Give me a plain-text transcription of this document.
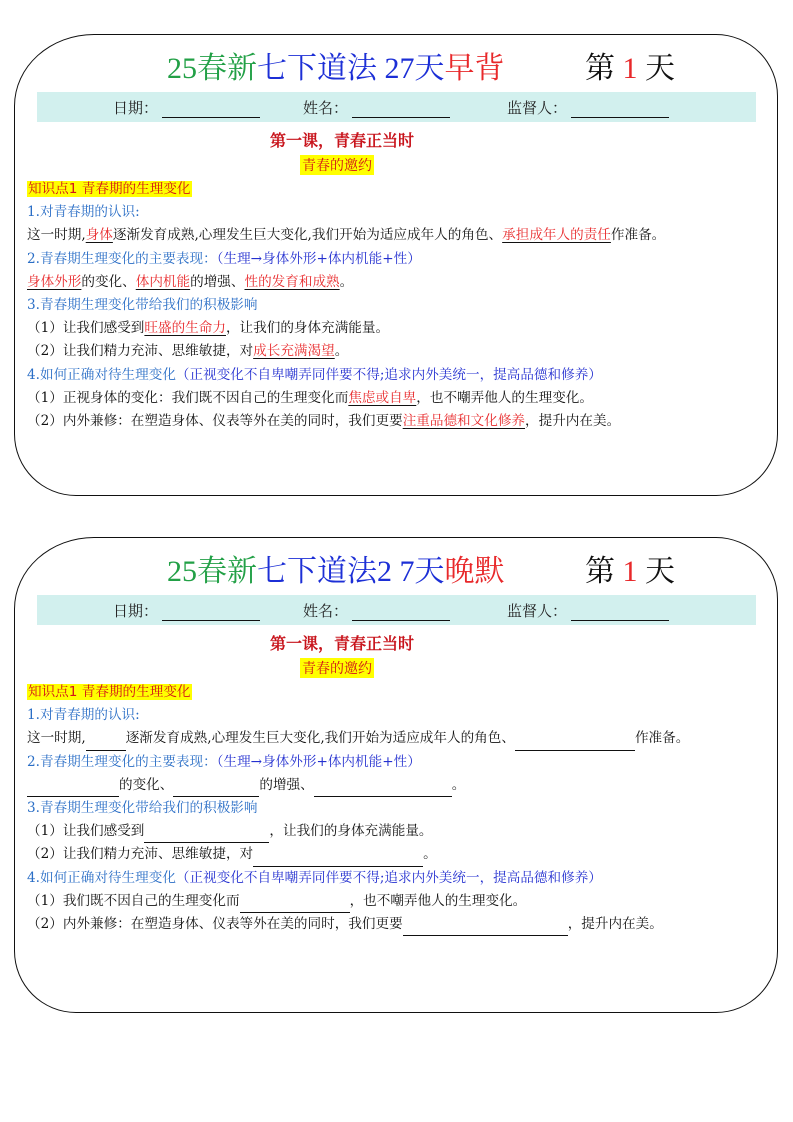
25春新七下道法 27天早背	第 1 天
日期：	姓名：	监督人：
第一课，青春正当时
青春的邀约
知识点1 青春期的生理变化
1.对青春期的认识:
这一时期,身体逐渐发育成熟,心理发生巨大变化,我们开始为适应成年人的角色、承担成年人的责任作准备。
2.青春期生理变化的主要表现：（生理→身体外形+体内机能+性）
身体外形的变化、体内机能的增强、性的发育和成熟。
3.青春期生理变化带给我们的积极影响
（1）让我们感受到旺盛的生命力，让我们的身体充满能量。
（2）让我们精力充沛、思维敏捷，对成长充满渴望。
4.如何正确对待生理变化（正视变化不自卑嘲弄同伴要不得;追求内外美统一，提高品德和修养）
（1）正视身体的变化：我们既不因自己的生理变化而焦虑或自卑，也不嘲弄他人的生理变化。
（2）内外兼修：在塑造身体、仪表等外在美的同时，我们更要注重品德和文化修养，提升内在美。
25春新七下道法2 7天晚默	第 1 天
日期：	姓名：	监督人：
第一课，青春正当时
青春的邀约
知识点1 青春期的生理变化
1.对青春期的认识:
这一时期,	逐渐发育成熟,心理发生巨大变化,我们开始为适应成年人的角色、	作准备。
2.青春期生理变化的主要表现：（生理→身体外形+体内机能+性）
的变化、	的增强、	。
3.青春期生理变化带给我们的积极影响
（1）让我们感受到	，让我们的身体充满能量。
（2）让我们精力充沛、思维敏捷，对	。
4.如何正确对待生理变化（正视变化不自卑嘲弄同伴要不得;追求内外美统一，提高品德和修养）
（1）我们既不因自己的生理变化而	，也不嘲弄他人的生理变化。
（2）内外兼修：在塑造身体、仪表等外在美的同时，我们更要	，提升内在美。
